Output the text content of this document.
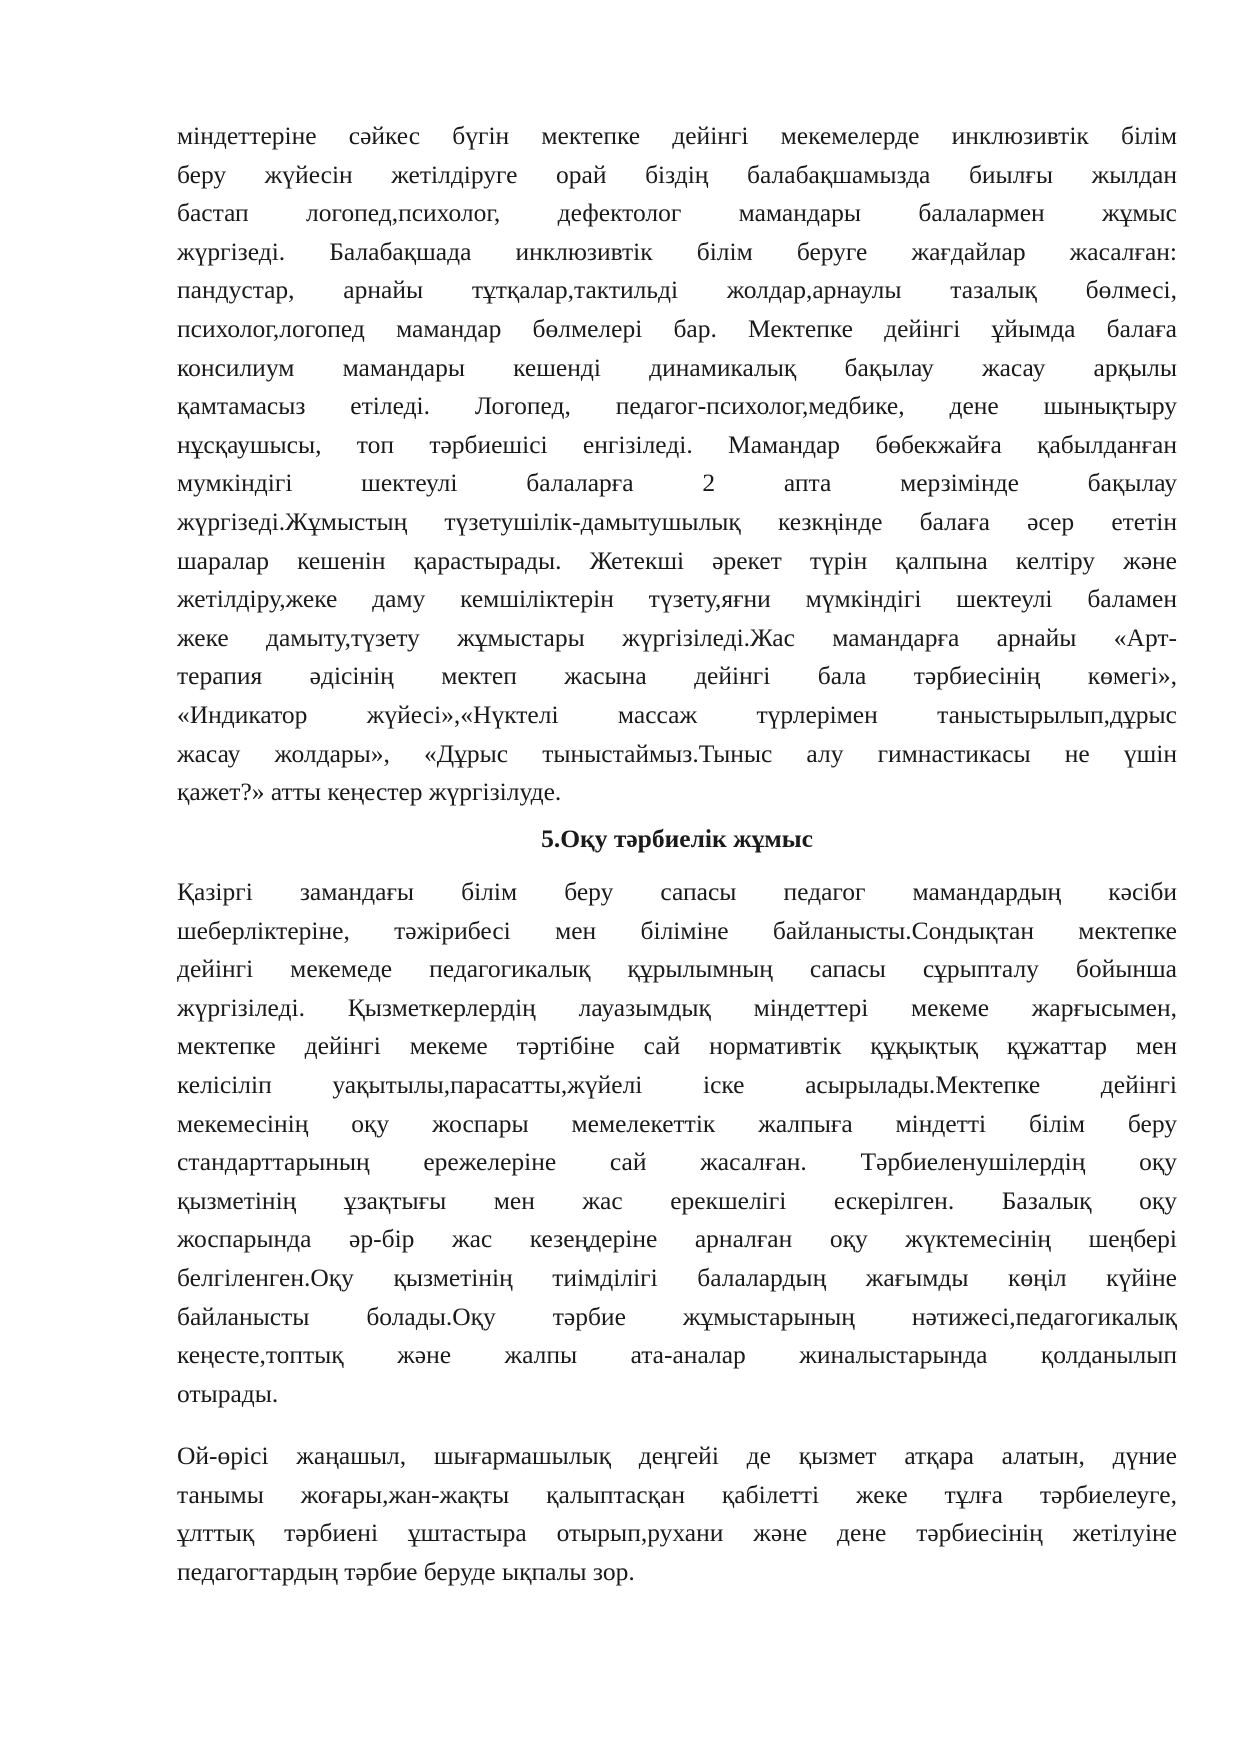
міндеттеріне сәйкес бүгін мектепке дейінгі мекемелерде инклюзивтік білім
беру жүйесін жетілдіруге орай біздің балабақшамызда биылғы жылдан
бастап логопед,психолог, дефектолог мамандары балалармен жұмыс
жүргізеді. Балабақшада инклюзивтік білім беруге жағдайлар жасалған:
пандустар, арнайы тұтқалар,тактильді жолдар,арнаулы тазалық бөлмесі,
психолог,логопед мамандар бөлмелері бар. Мектепке дейінгі ұйымда балаға
консилиум мамандары кешенді динамикалық бақылау жасау арқылы
қамтамасыз етіледі. Логопед, педагог-психолог,медбике, дене шынықтыру
нұсқаушысы, топ тәрбиешісі енгізіледі. Мамандар бөбекжайға қабылданған
мумкіндігі шектеулі балаларға 2 апта мерзімінде бақылау
жүргізеді.Жұмыстың түзетушілік-дамытушылық кезкңінде балаға әсер ететін
шаралар кешенін қарастырады. Жетекші әрекет түрін қалпына келтіру және
жетілдіру,жеке даму кемшіліктерін түзету,яғни мүмкіндігі шектеулі баламен
жеке дамыту,түзету жұмыстары жүргізіледі.Жас мамандарға арнайы «Арт-
терапия әдісінің мектеп жасына дейінгі бала тәрбиесінің көмегі»,
«Индикатор жүйесі»,«Нүктелі массаж түрлерімен таныстырылып,дұрыс
жасау жолдары», «Дұрыс тыныстаймыз.Тыныс алу гимнастикасы не үшін
қажет?» атты кеңестер жүргізілуде.
5.Оқу тәрбиелік жұмыс
Қазіргі замандағы білім беру сапасы педагог мамандардың кәсіби
шеберліктеріне, тәжірибесі мен біліміне байланысты.Сондықтан мектепке
дейінгі мекемеде педагогикалық құрылымның сапасы сұрыпталу бойынша
жүргізіледі. Қызметкерлердің лауазымдық міндеттері мекеме жарғысымен,
мектепке дейінгі мекеме тәртібіне сай нормативтік құқықтық құжаттар мен
келісіліп уақытылы,парасатты,жүйелі іске асырылады.Мектепке дейінгі
мекемесінің оқу жоспары мемелекеттік жалпыға міндетті білім беру
стандарттарының ережелеріне сай жасалған. Тәрбиеленушілердің оқу
қызметінің ұзақтығы мен жас ерекшелігі ескерілген. Базалық оқу
жоспарында әр-бір жас кезеңдеріне арналған оқу жүктемесінің шеңбері
белгіленген.Оқу қызметінің тиімділігі балалардың жағымды көңіл күйіне
байланысты болады.Оқу тәрбие жұмыстарының нәтижесі,педагогикалық
кеңесте,топтық және жалпы ата-аналар жиналыстарында қолданылып
отырады.
Ой-өрісі жаңашыл, шығармашылық деңгейі де қызмет атқара алатын, дүние
танымы жоғары,жан-жақты қалыптасқан қабілетті жеке тұлға тәрбиелеуге,
ұлттық тәрбиені ұштастыра отырып,рухани және дене тәрбиесінің жетілуіне
педагогтардың тәрбие беруде ықпалы зор.
